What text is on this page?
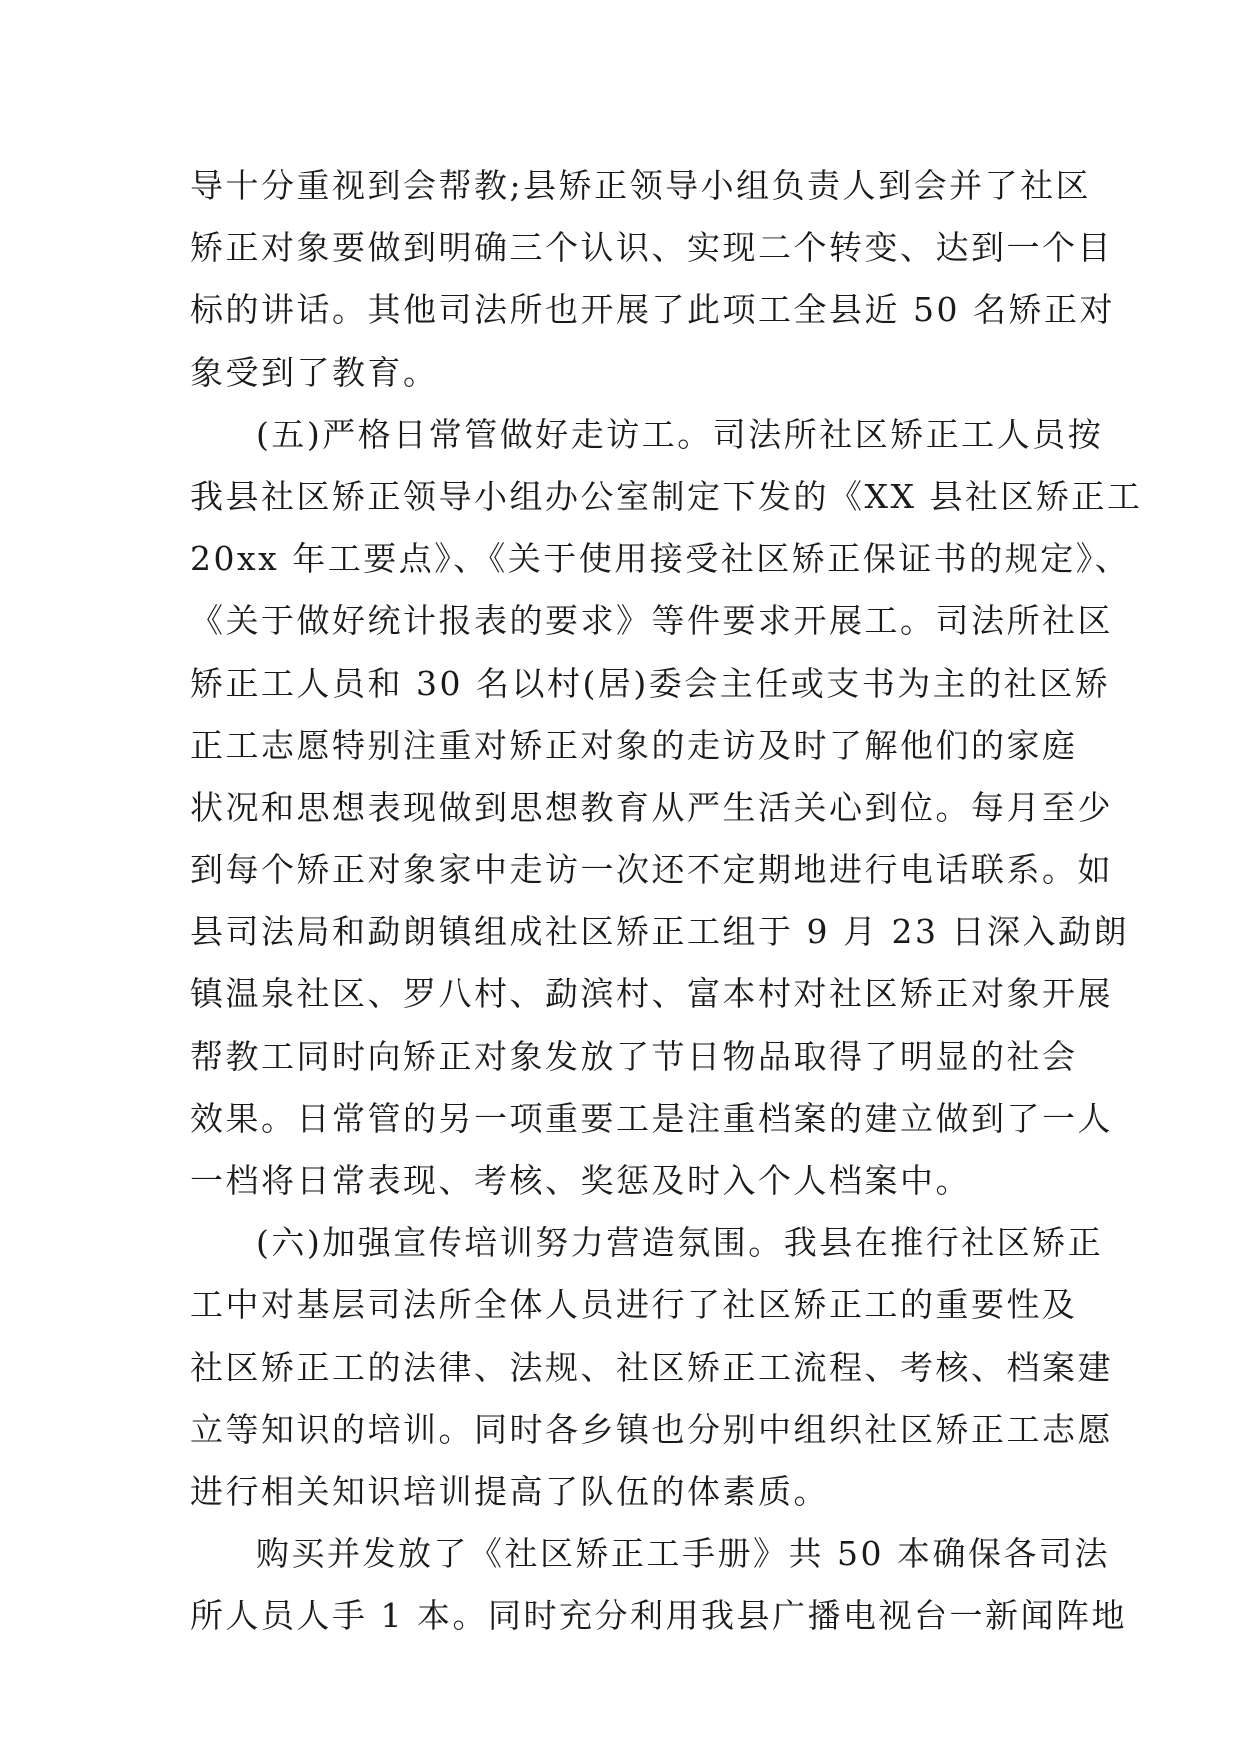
导十分重视到会帮教;县矫正领导小组负责人到会并了社区
矫正对象要做到明确三个认识、实现二个转变、达到一个目
标的讲话。其他司法所也开展了此项工全县近 50 名矫正对
象受到了教育。
(五)严格日常管做好走访工。司法所社区矫正工人员按
我县社区矫正领导小组办公室制定下发的《XX 县社区矫正工
20xx 年工要点》、《关于使用接受社区矫正保证书的规定》、
《关于做好统计报表的要求》等件要求开展工。司法所社区
矫正工人员和 30 名以村(居)委会主任或支书为主的社区矫
正工志愿特别注重对矫正对象的走访及时了解他们的家庭
状况和思想表现做到思想教育从严生活关心到位。每月至少
到每个矫正对象家中走访一次还不定期地进行电话联系。如
县司法局和勐朗镇组成社区矫正工组于 9 月 23 日深入勐朗
镇温泉社区、罗八村、勐滨村、富本村对社区矫正对象开展
帮教工同时向矫正对象发放了节日物品取得了明显的社会
效果。日常管的另一项重要工是注重档案的建立做到了一人
一档将日常表现、考核、奖惩及时入个人档案中。
(六)加强宣传培训努力营造氛围。我县在推行社区矫正
工中对基层司法所全体人员进行了社区矫正工的重要性及
社区矫正工的法律、法规、社区矫正工流程、考核、档案建
立等知识的培训。同时各乡镇也分别中组织社区矫正工志愿
进行相关知识培训提高了队伍的体素质。
购买并发放了《社区矫正工手册》共 50 本确保各司法
所人员人手 1 本。同时充分利用我县广播电视台一新闻阵地
